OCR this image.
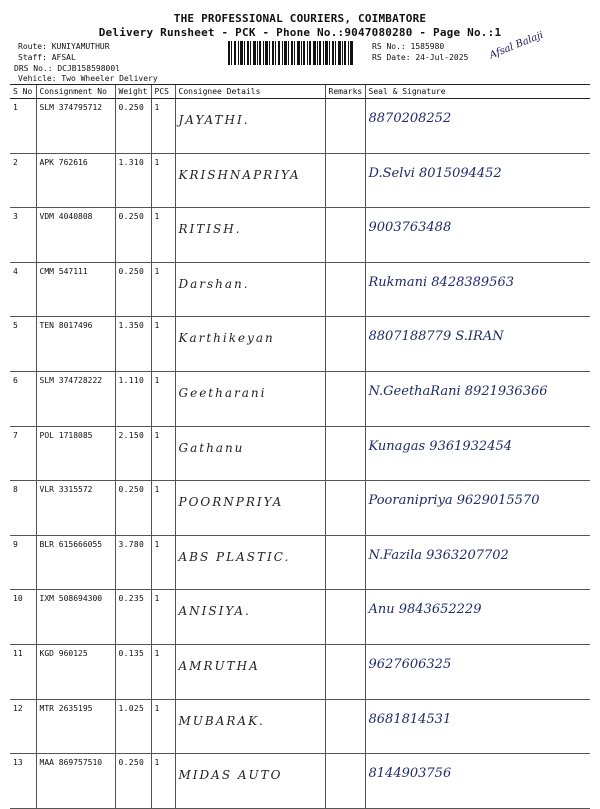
THE PROFESSIONAL COURIERS, COIMBATORE
Delivery Runsheet - PCK - Phone No.:9047080280 - Page No.:1
Route: KUNIYAMUTHUR
Staff: AFSAL
DRS No.: DCJB15859800l
Vehicle: Two Wheeler Delivery
RS No.: 1585980
RS Date: 24-Jul-2025 Afsal Balaji
S No	Consignment No	Weight	PCS	Consignee Details	Remarks	Seal & Signature
1	SLM 374795712	0.250	1	JAYATHI.		8870208252
2	APK 762616	1.310	1	KRISHNAPRIYA		D.Selvi 8015094452
3	VDM 4040808	0.250	1	RITISH.		9003763488
4	CMM 547111	0.250	1	Darshan.		Rukmani 8428389563
5	TEN 8017496	1.350	1	Karthikeyan		8807188779 S.IRAN
6	SLM 374728222	1.110	1	Geetharani		N.GeethaRani 8921936366
7	POL 1718085	2.150	1	Gathanu		Kunagas 9361932454
8	VLR 3315572	0.250	1	POORNPRIYA		Pooranipriya 9629015570
9	BLR 615666055	3.780	1	ABS PLASTIC.		N.Fazila 9363207702
10	IXM 508694300	0.235	1	ANISIYA.		Anu 9843652229
11	KGD 960125	0.135	1	AMRUTHA		9627606325
12	MTR 2635195	1.025	1	MUBARAK.		8681814531
13	MAA 869757510	0.250	1	MIDAS AUTO		8144903756
